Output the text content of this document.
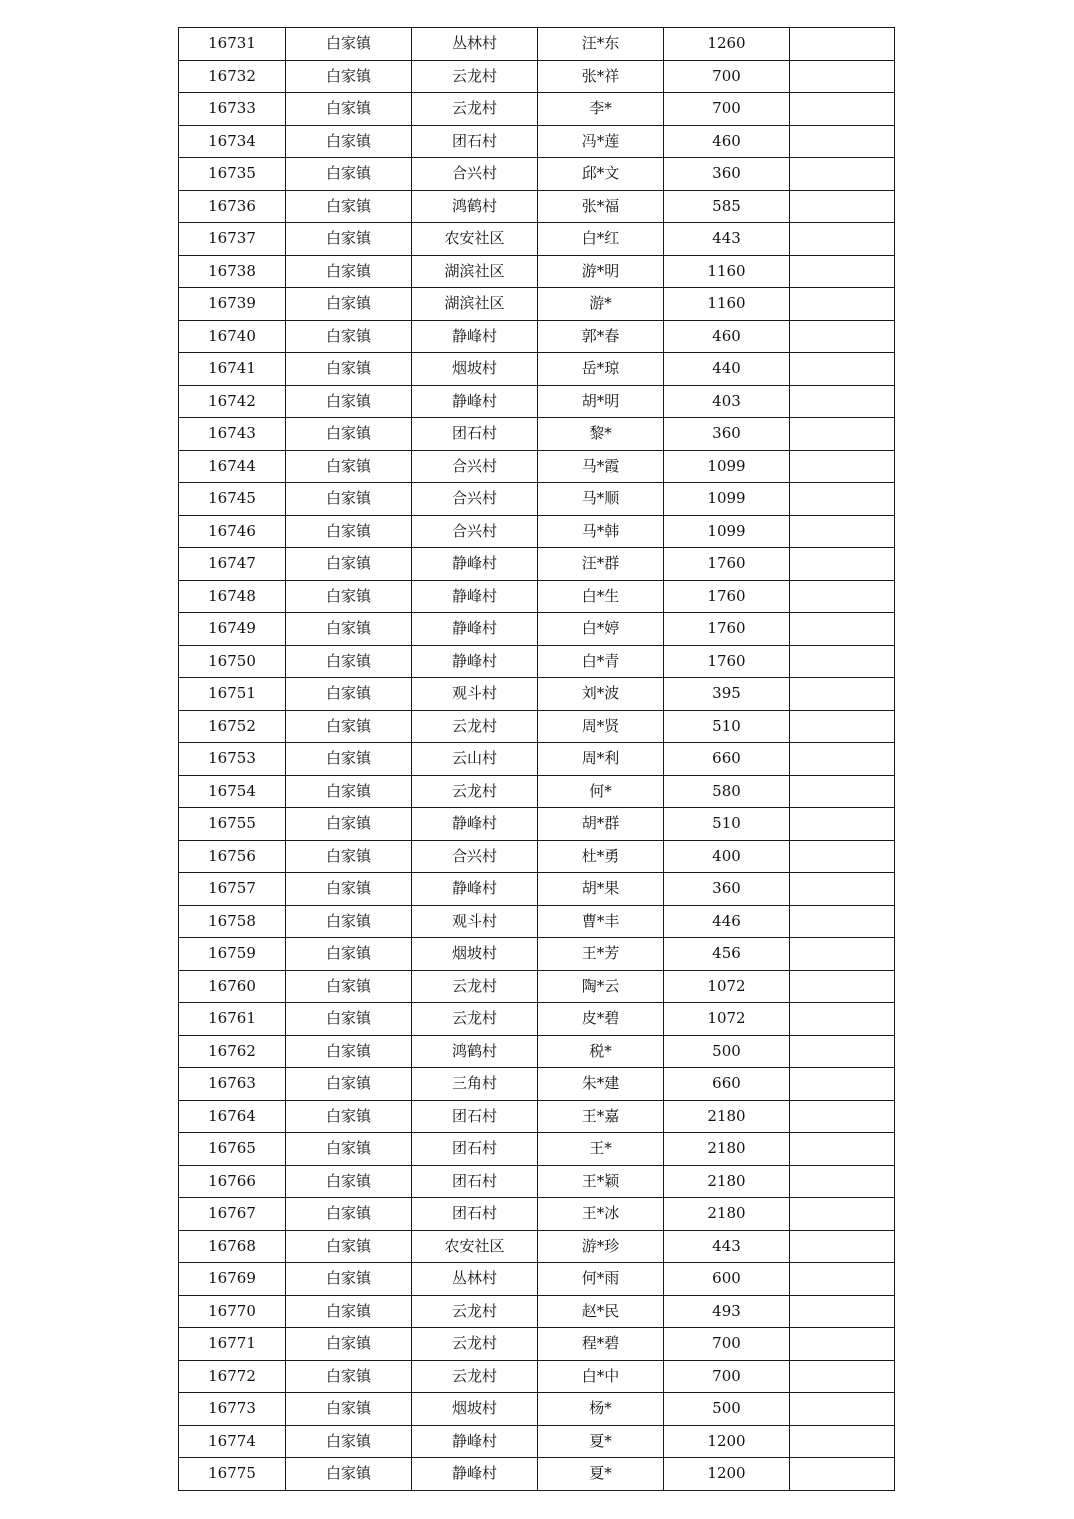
16731	白家镇	丛林村	汪*东	1260	
16732	白家镇	云龙村	张*祥	700	
16733	白家镇	云龙村	李*	700	
16734	白家镇	团石村	冯*莲	460	
16735	白家镇	合兴村	邱*文	360	
16736	白家镇	鸿鹤村	张*福	585	
16737	白家镇	农安社区	白*红	443	
16738	白家镇	湖滨社区	游*明	1160	
16739	白家镇	湖滨社区	游*	1160	
16740	白家镇	静峰村	郭*春	460	
16741	白家镇	烟坡村	岳*琼	440	
16742	白家镇	静峰村	胡*明	403	
16743	白家镇	团石村	黎*	360	
16744	白家镇	合兴村	马*霞	1099	
16745	白家镇	合兴村	马*顺	1099	
16746	白家镇	合兴村	马*韩	1099	
16747	白家镇	静峰村	汪*群	1760	
16748	白家镇	静峰村	白*生	1760	
16749	白家镇	静峰村	白*婷	1760	
16750	白家镇	静峰村	白*青	1760	
16751	白家镇	观斗村	刘*波	395	
16752	白家镇	云龙村	周*贤	510	
16753	白家镇	云山村	周*利	660	
16754	白家镇	云龙村	何*	580	
16755	白家镇	静峰村	胡*群	510	
16756	白家镇	合兴村	杜*勇	400	
16757	白家镇	静峰村	胡*果	360	
16758	白家镇	观斗村	曹*丰	446	
16759	白家镇	烟坡村	王*芳	456	
16760	白家镇	云龙村	陶*云	1072	
16761	白家镇	云龙村	皮*碧	1072	
16762	白家镇	鸿鹤村	税*	500	
16763	白家镇	三角村	朱*建	660	
16764	白家镇	团石村	王*嘉	2180	
16765	白家镇	团石村	王*	2180	
16766	白家镇	团石村	王*颖	2180	
16767	白家镇	团石村	王*冰	2180	
16768	白家镇	农安社区	游*珍	443	
16769	白家镇	丛林村	何*雨	600	
16770	白家镇	云龙村	赵*民	493	
16771	白家镇	云龙村	程*碧	700	
16772	白家镇	云龙村	白*中	700	
16773	白家镇	烟坡村	杨*	500	
16774	白家镇	静峰村	夏*	1200	
16775	白家镇	静峰村	夏*	1200	
